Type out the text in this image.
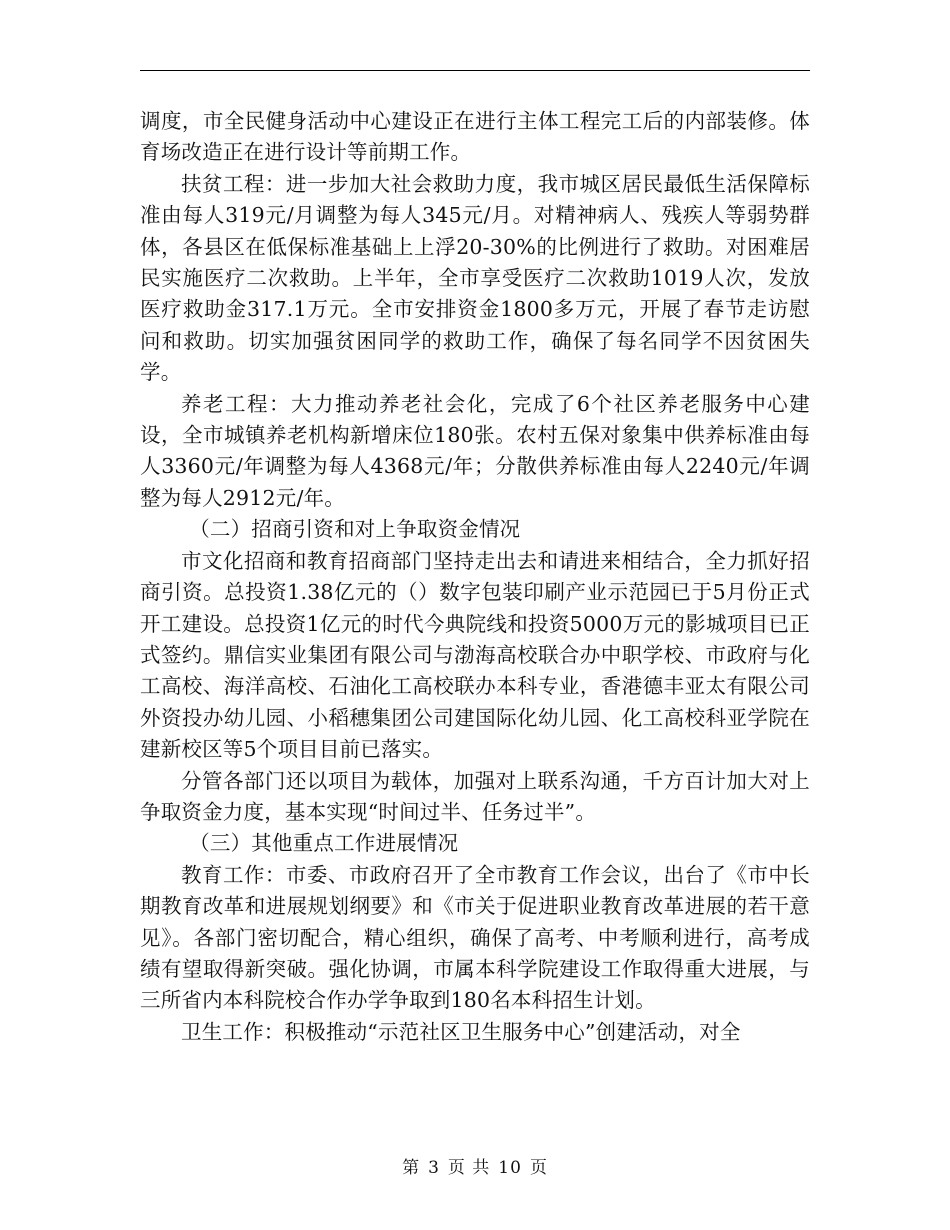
调度，市全民健身活动中心建设正在进行主体工程完工后的内部装修。体育场改造正在进行设计等前期工作。

扶贫工程：进一步加大社会救助力度，我市城区居民最低生活保障标准由每人319元/月调整为每人345元/月。对精神病人、残疾人等弱势群体，各县区在低保标准基础上上浮20-30%的比例进行了救助。对困难居民实施医疗二次救助。上半年，全市享受医疗二次救助1019人次，发放医疗救助金317.1万元。全市安排资金1800多万元，开展了春节走访慰问和救助。切实加强贫困同学的救助工作，确保了每名同学不因贫困失学。

养老工程：大力推动养老社会化，完成了6个社区养老服务中心建设，全市城镇养老机构新增床位180张。农村五保对象集中供养标准由每人3360元/年调整为每人4368元/年；分散供养标准由每人2240元/年调整为每人2912元/年。

（二）招商引资和对上争取资金情况

市文化招商和教育招商部门坚持走出去和请进来相结合，全力抓好招商引资。总投资1.38亿元的（）数字包装印刷产业示范园已于5月份正式开工建设。总投资1亿元的时代今典院线和投资5000万元的影城项目已正式签约。鼎信实业集团有限公司与渤海高校联合办中职学校、市政府与化工高校、海洋高校、石油化工高校联办本科专业，香港德丰亚太有限公司外资投办幼儿园、小稻穗集团公司建国际化幼儿园、化工高校科亚学院在建新校区等5个项目目前已落实。

分管各部门还以项目为载体，加强对上联系沟通，千方百计加大对上争取资金力度，基本实现“时间过半、任务过半”。

（三）其他重点工作进展情况

教育工作：市委、市政府召开了全市教育工作会议，出台了《市中长期教育改革和进展规划纲要》和《市关于促进职业教育改革进展的若干意见》。各部门密切配合，精心组织，确保了高考、中考顺利进行，高考成绩有望取得新突破。强化协调，市属本科学院建设工作取得重大进展，与三所省内本科院校合作办学争取到180名本科招生计划。

卫生工作：积极推动“示范社区卫生服务中心”创建活动，对全

第 3 页 共 10 页
